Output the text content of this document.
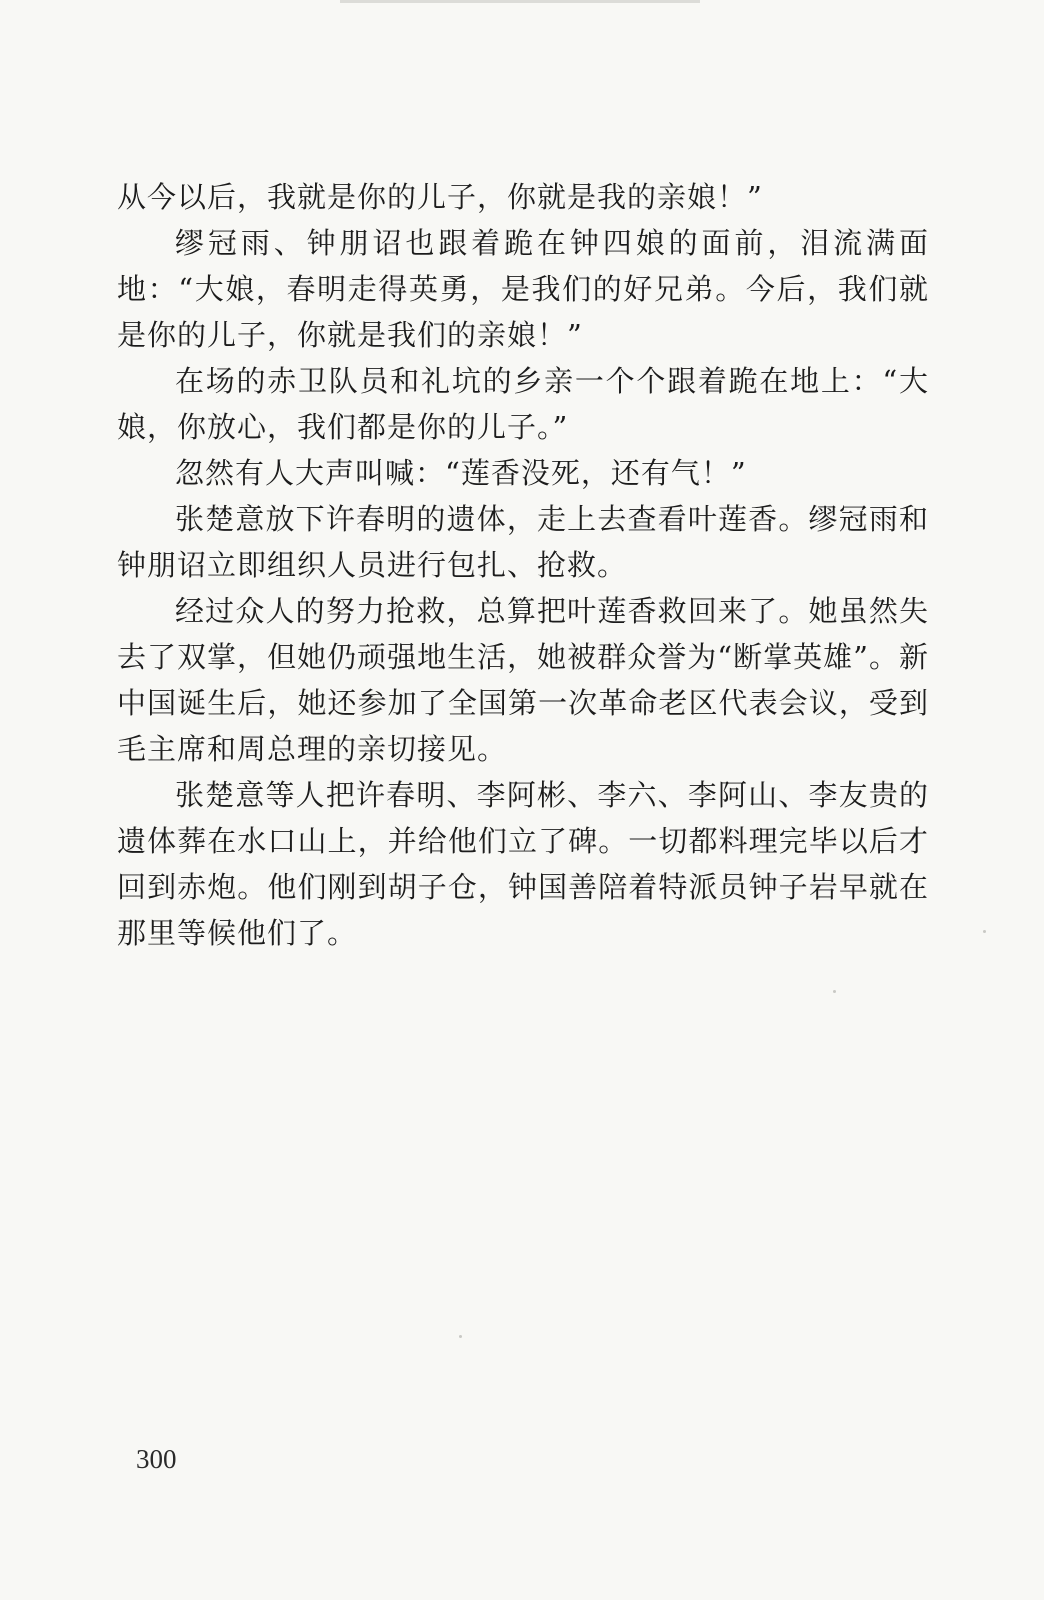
从今以后，我就是你的儿子，你就是我的亲娘！”

缪冠雨、钟朋诏也跟着跪在钟四娘的面前，泪流满面地：“大娘，春明走得英勇，是我们的好兄弟。今后，我们就是你的儿子，你就是我们的亲娘！”

在场的赤卫队员和礼坑的乡亲一个个跟着跪在地上：“大娘，你放心，我们都是你的儿子。”

忽然有人大声叫喊：“莲香没死，还有气！”

张楚意放下许春明的遗体，走上去查看叶莲香。缪冠雨和钟朋诏立即组织人员进行包扎、抢救。

经过众人的努力抢救，总算把叶莲香救回来了。她虽然失去了双掌，但她仍顽强地生活，她被群众誉为“断掌英雄”。新中国诞生后，她还参加了全国第一次革命老区代表会议，受到毛主席和周总理的亲切接见。

张楚意等人把许春明、李阿彬、李六、李阿山、李友贵的遗体葬在水口山上，并给他们立了碑。一切都料理完毕以后才回到赤炮。他们刚到胡子仓，钟国善陪着特派员钟子岩早就在那里等候他们了。

300
